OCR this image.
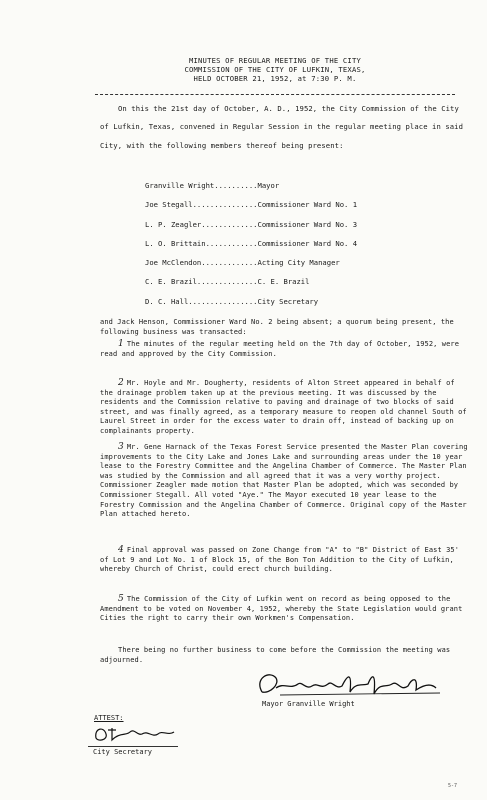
MINUTES OF REGULAR MEETING OF THE CITY
COMMISSION OF THE CITY OF LUFKIN, TEXAS,
HELD OCTOBER 21, 1952, at 7:30 P. M.
On this the 21st day of October, A. D., 1952, the City Commission of the City of Lufkin, Texas, convened in Regular Session in the regular meeting place in said City, with the following members thereof being present:
Granville Wright..........Mayor
Joe Stegall...............Commissioner Ward No. 1
L. P. Zeagler.............Commissioner Ward No. 3
L. O. Brittain............Commissioner Ward No. 4
Joe McClendon.............Acting City Manager
C. E. Brazil..............C. E. Brazil
D. C. Hall................City Secretary
and Jack Henson, Commissioner Ward No. 2 being absent; a quorum being present, the following business was transacted:
1 The minutes of the regular meeting held on the 7th day of October, 1952, were read and approved by the City Commission.
2 Mr. Hoyle and Mr. Dougherty, residents of Alton Street appeared in behalf of the drainage problem taken up at the previous meeting. It was discussed by the residents and the Commission relative to paving and drainage of two blocks of said street, and was finally agreed, as a temporary measure to reopen old channel South of Laurel Street in order for the excess water to drain off, instead of backing up on complainants property.
3 Mr. Gene Harnack of the Texas Forest Service presented the Master Plan covering improvements to the City Lake and Jones Lake and surrounding areas under the 10 year lease to the Forestry Committee and the Angelina Chamber of Commerce. The Master Plan was studied by the Commission and all agreed that it was a very worthy project. Commissioner Zeagler made motion that Master Plan be adopted, which was seconded by Commissioner Stegall. All voted "Aye." The Mayor executed 10 year lease to the Forestry Commission and the Angelina Chamber of Commerce. Original copy of the Master Plan attached hereto.
4 Final approval was passed on Zone Change from "A" to "B" District of East 35' of Lot 9 and Lot No. 1 of Block 15, of the Bon Ton Addition to the City of Lufkin, whereby Church of Christ, could erect church building.
5 The Commission of the City of Lufkin went on record as being opposed to the Amendment to be voted on November 4, 1952, whereby the State Legislation would grant Cities the right to carry their own Workmen's Compensation.
There being no further business to come before the Commission the meeting was adjourned.
Mayor Granville Wright
ATTEST:
City Secretary
5-7
